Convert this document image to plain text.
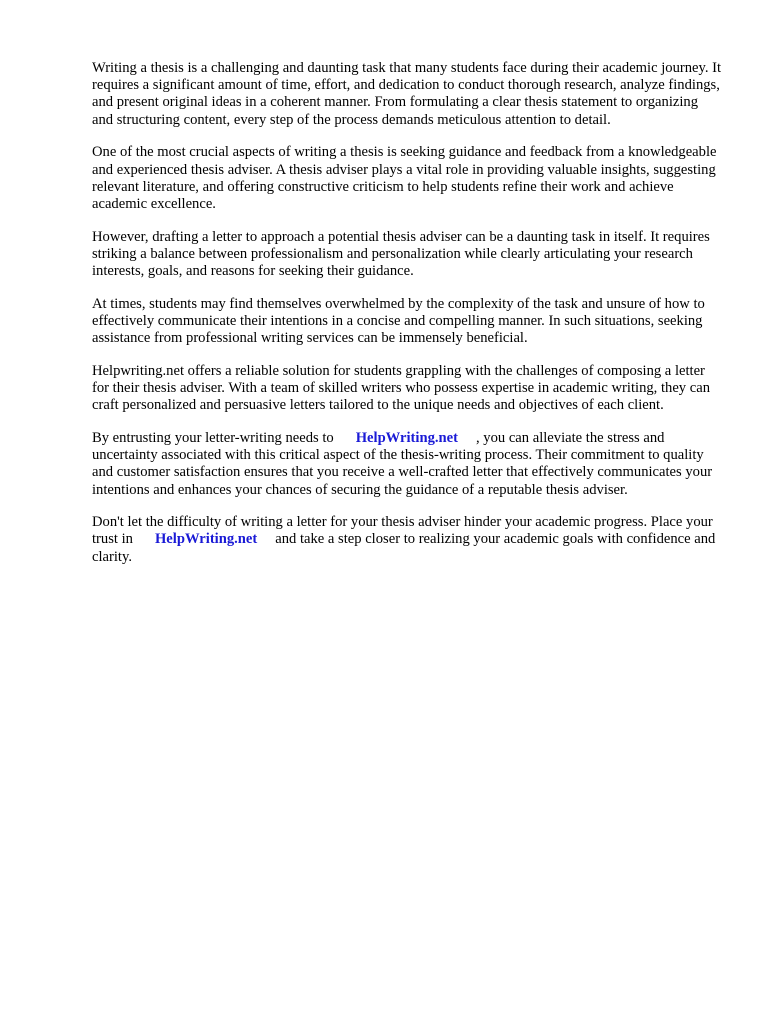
Writing a thesis is a challenging and daunting task that many students face during their academic journey. It requires a significant amount of time, effort, and dedication to conduct thorough research, analyze findings, and present original ideas in a coherent manner. From formulating a clear thesis statement to organizing and structuring content, every step of the process demands meticulous attention to detail.

One of the most crucial aspects of writing a thesis is seeking guidance and feedback from a knowledgeable and experienced thesis adviser. A thesis adviser plays a vital role in providing valuable insights, suggesting relevant literature, and offering constructive criticism to help students refine their work and achieve academic excellence.

However, drafting a letter to approach a potential thesis adviser can be a daunting task in itself. It requires striking a balance between professionalism and personalization while clearly articulating your research interests, goals, and reasons for seeking their guidance.

At times, students may find themselves overwhelmed by the complexity of the task and unsure of how to effectively communicate their intentions in a concise and compelling manner. In such situations, seeking assistance from professional writing services can be immensely beneficial.

Helpwriting.net offers a reliable solution for students grappling with the challenges of composing a letter for their thesis adviser. With a team of skilled writers who possess expertise in academic writing, they can craft personalized and persuasive letters tailored to the unique needs and objectives of each client.

By entrusting your letter-writing needs to HelpWriting.net , you can alleviate the stress and uncertainty associated with this critical aspect of the thesis-writing process. Their commitment to quality and customer satisfaction ensures that you receive a well-crafted letter that effectively communicates your intentions and enhances your chances of securing the guidance of a reputable thesis adviser.

Don't let the difficulty of writing a letter for your thesis adviser hinder your academic progress. Place your trust in HelpWriting.net and take a step closer to realizing your academic goals with confidence and clarity.
